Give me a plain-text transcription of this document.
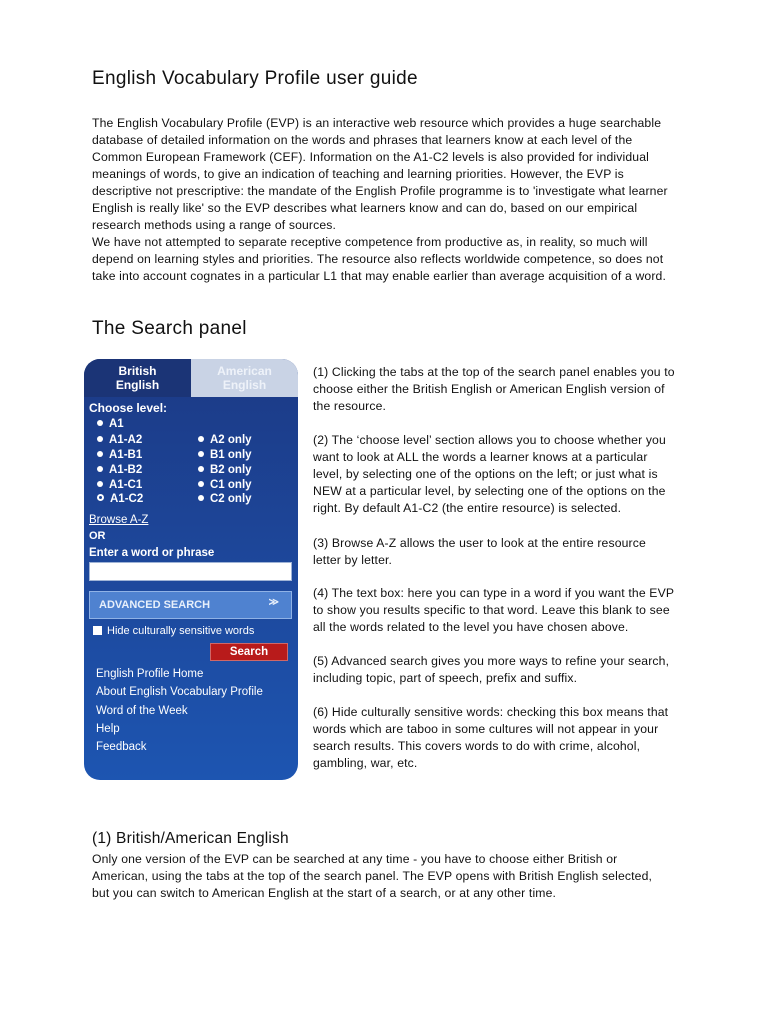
English Vocabulary Profile user guide

The English Vocabulary Profile (EVP) is an interactive web resource which provides a huge searchable database of detailed information on the words and phrases that learners know at each level of the Common European Framework (CEF). Information on the A1-C2 levels is also provided for individual meanings of words, to give an indication of teaching and learning priorities. However, the EVP is descriptive not prescriptive: the mandate of the English Profile programme is to 'investigate what learner English is really like' so the EVP describes what learners know and can do, based on our empirical research methods using a range of sources.

We have not attempted to separate receptive competence from productive as, in reality, so much will depend on learning styles and priorities. The resource also reflects worldwide competence, so does not take into account cognates in a particular L1 that may enable earlier than average acquisition of a word.

The Search panel
British
English
American
English
Choose level:
A1
A1-A2
A1-B1
A1-B2
A1-C1
A1-C2
A2 only
B1 only
B2 only
C1 only
C2 only
Browse A-Z
OR
Enter a word or phrase
ADVANCED SEARCH	≫
Hide culturally sensitive words
Search
English Profile Home
About English Vocabulary Profile
Word of the Week
Help
Feedback

(1) Clicking the tabs at the top of the search panel enables you to choose either the British English or American English version of the resource.

(2) The ‘choose level’ section allows you to choose whether you want to look at ALL the words a learner knows at a particular level, by selecting one of the options on the left; or just what is NEW at a particular level, by selecting one of the options on the right. By default A1-C2 (the entire resource) is selected.

(3) Browse A-Z allows the user to look at the entire resource letter by letter.

(4) The text box: here you can type in a word if you want the EVP to show you results specific to that word. Leave this blank to see all the words related to the level you have chosen above.

(5) Advanced search gives you more ways to refine your search, including topic, part of speech, prefix and suffix.

(6) Hide culturally sensitive words: checking this box means that words which are taboo in some cultures will not appear in your search results. This covers words to do with crime, alcohol, gambling, war, etc.

(1) British/American English
Only one version of the EVP can be searched at any time - you have to choose either British or American, using the tabs at the top of the search panel. The EVP opens with British English selected, but you can switch to American English at the start of a search, or at any other time.
